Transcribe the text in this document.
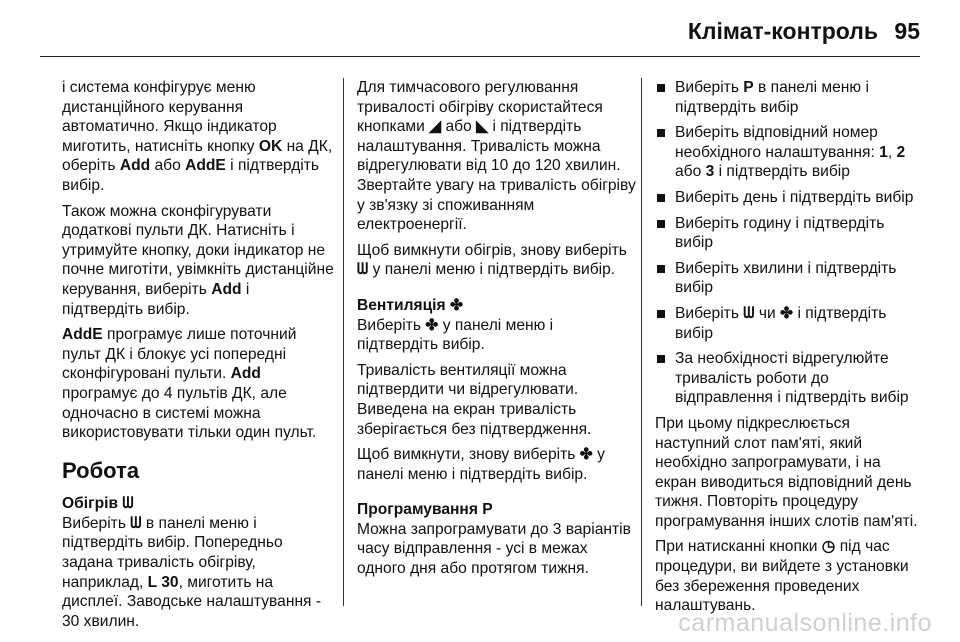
Клімат-контроль 95

і система конфігурує меню дистанційного керування автоматично. Якщо індикатор миготить, натисніть кнопку OK на ДК, оберіть Add або AddE і підтвердіть вибір.

Також можна сконфігурувати додаткові пульти ДК. Натисніть і утримуйте кнопку, доки індикатор не почне миготіти, увімкніть дистанційне керування, виберіть Add і підтвердіть вибір.

AddE програмує лише поточний пульт ДК і блокує усі попередні сконфігуровані пульти. Add програмує до 4 пультів ДК, але одночасно в системі можна використовувати тільки один пульт.

Робота

Обігрів ᗯ

Виберіть ᗯ в панелі меню і підтвердіть вибір. Попередньо задана тривалість обігріву, наприклад, L 30, миготить на дисплеї. Заводське налаштування - 30 хвилин.

Для тимчасового регулювання тривалості обігріву скористайтеся кнопками ◢ або ◣ і підтвердіть налаштування. Тривалість можна відрегулювати від 10 до 120 хвилин. Звертайте увагу на тривалість обігріву у зв'язку зі споживанням електроенергії.

Щоб вимкнути обігрів, знову виберіть ᗯ у панелі меню і підтвердіть вибір.

Вентиляція ✤

Виберіть ✤ у панелі меню і підтвердіть вибір.

Тривалість вентиляції можна підтвердити чи відрегулювати. Виведена на екран тривалість зберігається без підтвердження.

Щоб вимкнути, знову виберіть ✤ у панелі меню і підтвердіть вибір.

Програмування P

Можна запрограмувати до 3 варіантів часу відправлення - усі в межах одного дня або протягом тижня.

Виберіть P в панелі меню і підтвердіть вибір
Виберіть відповідний номер необхідного налаштування: 1, 2
або 3 і підтвердіть вибір
Виберіть день і підтвердіть вибір
Виберіть годину і підтвердіть вибір
Виберіть хвилини і підтвердіть вибір
Виберіть ᗯ чи ✤ і підтвердіть вибір
За необхідності відрегулюйте тривалість роботи до відправлення і підтвердіть вибір

При цьому підкреслюється наступний слот пам'яті, який необхідно запрограмувати, і на екран виводиться відповідний день тижня. Повторіть процедуру програмування інших слотів пам'яті.

При натисканні кнопки ◷ під час процедури, ви вийдете з установки без збереження проведених налаштувань.

carmanualsonline.info
